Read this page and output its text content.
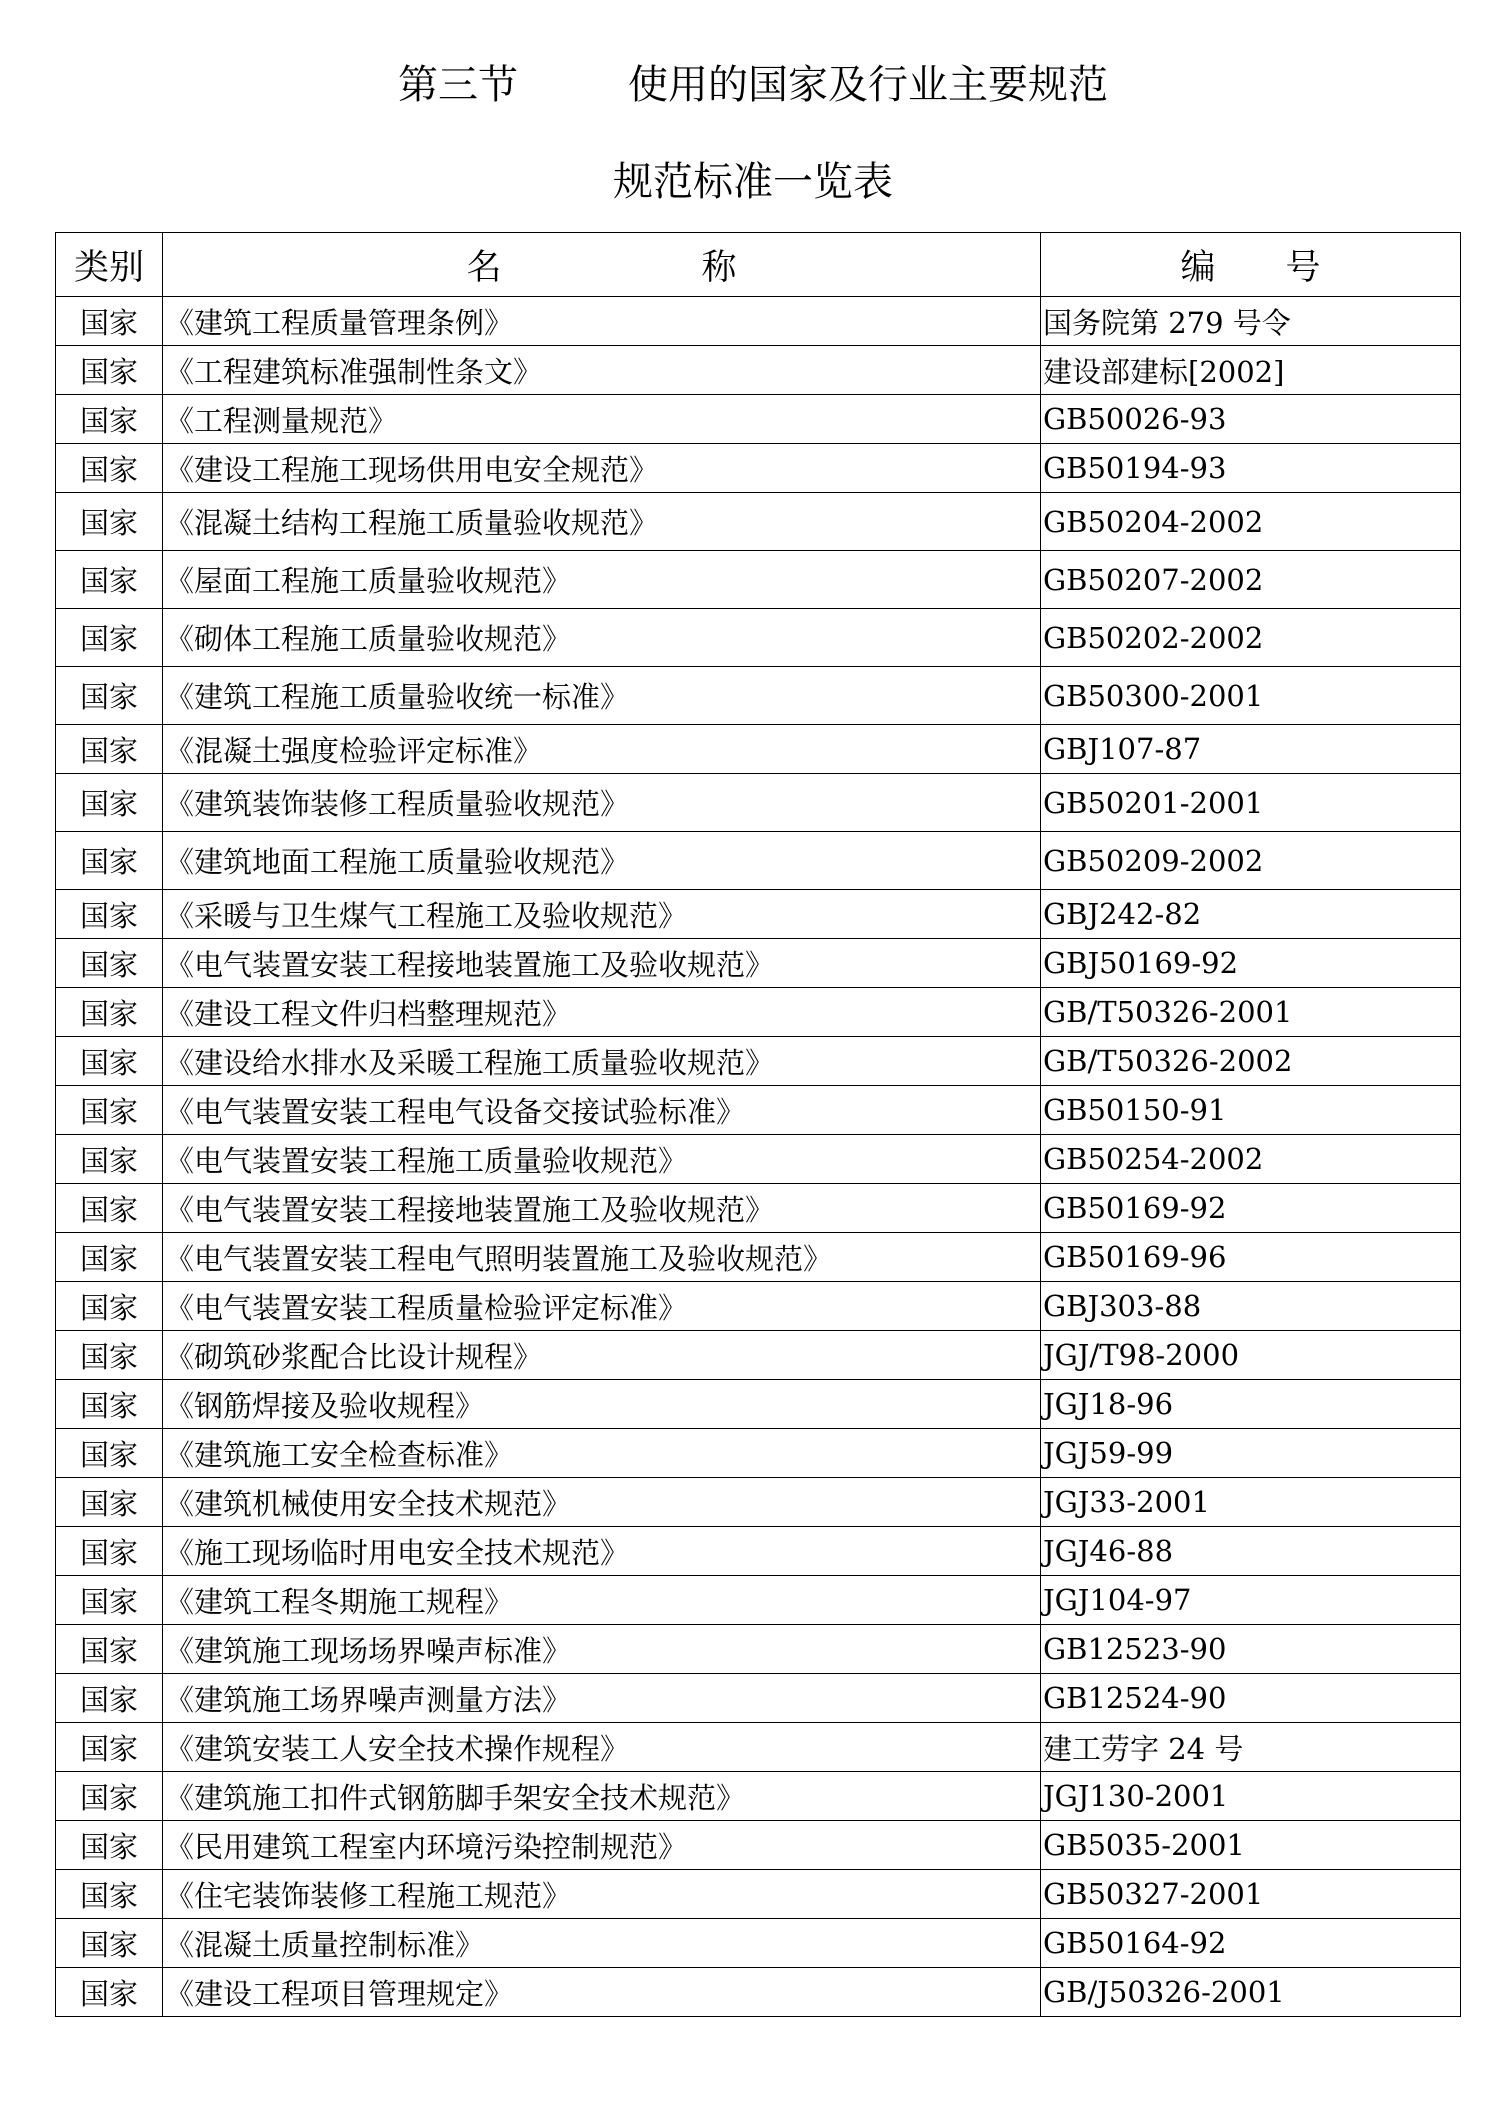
第三节	使用的国家及行业主要规范
规范标准一览表
类别	名 称	编 号
国家	《建筑工程质量管理条例》	国务院第 279 号令
国家	《工程建筑标准强制性条文》	建设部建标[2002]
国家	《工程测量规范》	GB50026-93
国家	《建设工程施工现场供用电安全规范》	GB50194-93
国家	《混凝土结构工程施工质量验收规范》	GB50204-2002
国家	《屋面工程施工质量验收规范》	GB50207-2002
国家	《砌体工程施工质量验收规范》	GB50202-2002
国家	《建筑工程施工质量验收统一标准》	GB50300-2001
国家	《混凝土强度检验评定标准》	GBJ107-87
国家	《建筑装饰装修工程质量验收规范》	GB50201-2001
国家	《建筑地面工程施工质量验收规范》	GB50209-2002
国家	《采暖与卫生煤气工程施工及验收规范》	GBJ242-82
国家	《电气装置安装工程接地装置施工及验收规范》	GBJ50169-92
国家	《建设工程文件归档整理规范》	GB/T50326-2001
国家	《建设给水排水及采暖工程施工质量验收规范》	GB/T50326-2002
国家	《电气装置安装工程电气设备交接试验标准》	GB50150-91
国家	《电气装置安装工程施工质量验收规范》	GB50254-2002
国家	《电气装置安装工程接地装置施工及验收规范》	GB50169-92
国家	《电气装置安装工程电气照明装置施工及验收规范》	GB50169-96
国家	《电气装置安装工程质量检验评定标准》	GBJ303-88
国家	《砌筑砂浆配合比设计规程》	JGJ/T98-2000
国家	《钢筋焊接及验收规程》	JGJ18-96
国家	《建筑施工安全检查标准》	JGJ59-99
国家	《建筑机械使用安全技术规范》	JGJ33-2001
国家	《施工现场临时用电安全技术规范》	JGJ46-88
国家	《建筑工程冬期施工规程》	JGJ104-97
国家	《建筑施工现场场界噪声标准》	GB12523-90
国家	《建筑施工场界噪声测量方法》	GB12524-90
国家	《建筑安装工人安全技术操作规程》	建工劳字 24 号
国家	《建筑施工扣件式钢筋脚手架安全技术规范》	JGJ130-2001
国家	《民用建筑工程室内环境污染控制规范》	GB5035-2001
国家	《住宅装饰装修工程施工规范》	GB50327-2001
国家	《混凝土质量控制标准》	GB50164-92
国家	《建设工程项目管理规定》	GB/J50326-2001
